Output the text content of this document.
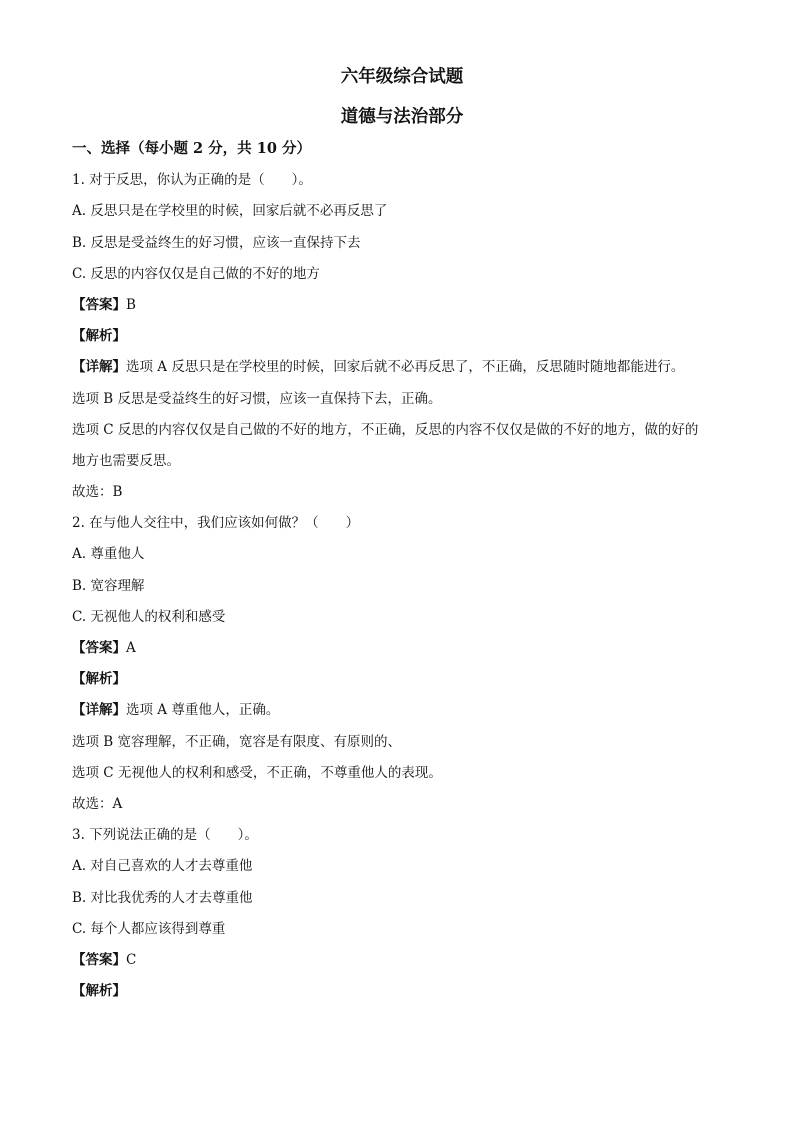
六年级综合试题
道德与法治部分
一、选择（每小题 2 分，共 10 分）
1. 对于反思，你认为正确的是（　　）。
A. 反思只是在学校里的时候，回家后就不必再反思了
B. 反思是受益终生的好习惯，应该一直保持下去
C. 反思的内容仅仅是自己做的不好的地方
【答案】B
【解析】
【详解】选项 A 反思只是在学校里的时候，回家后就不必再反思了，不正确，反思随时随地都能进行。
选项 B 反思是受益终生的好习惯，应该一直保持下去，正确。
选项 C 反思的内容仅仅是自己做的不好的地方，不正确，反思的内容不仅仅是做的不好的地方，做的好的
地方也需要反思。
故选：B
2. 在与他人交往中，我们应该如何做？（　　）
A. 尊重他人
B. 宽容理解
C. 无视他人的权利和感受
【答案】A
【解析】
【详解】选项 A 尊重他人，正确。
选项 B 宽容理解，不正确，宽容是有限度、有原则的、
选项 C 无视他人的权利和感受，不正确，不尊重他人的表现。
故选：A
3. 下列说法正确的是（　　）。
A. 对自己喜欢的人才去尊重他
B. 对比我优秀的人才去尊重他
C. 每个人都应该得到尊重
【答案】C
【解析】
